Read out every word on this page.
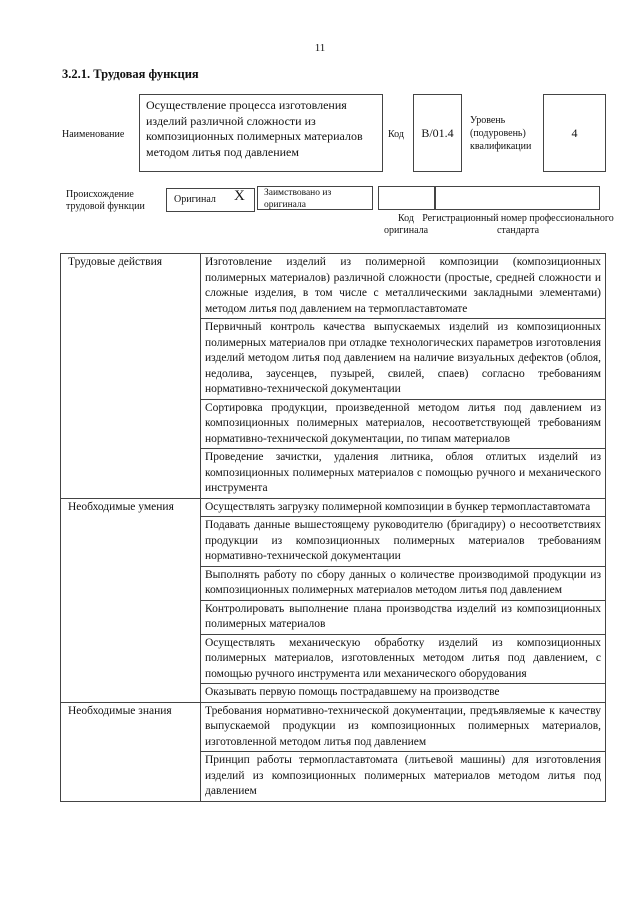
11
3.2.1. Трудовая функция
Наименование
Осуществление процесса изготовления изделий различной сложности из композиционных полимерных материалов методом литья под давлением
Код B/01.4
Уровень (подуровень) квалификации
4
Происхождение трудовой функции
Оригинал X Заимствовано из оригинала
Код оригинала
Регистрационный номер профессионального стандарта
Трудовые действия	Изготовление изделий из полимерной композиции (композиционных полимерных материалов) различной сложности (простые, средней сложности и сложные изделия, в том числе с металлическими закладными элементами) методом литья под давлением на термопластавтомате
	Первичный контроль качества выпускаемых изделий из композиционных полимерных материалов при отладке технологических параметров изготовления изделий методом литья под давлением на наличие визуальных дефектов (облоя, недолива, заусенцев, пузырей, свилей, спаев) согласно требованиям нормативно-технической документации
	Сортировка продукции, произведенной методом литья под давлением из композиционных полимерных материалов, несоответствующей требованиям нормативно-технической документации, по типам материалов
	Проведение зачистки, удаления литника, облоя отлитых изделий из композиционных полимерных материалов с помощью ручного и механического инструмента
Необходимые умения	Осуществлять загрузку полимерной композиции в бункер термопластавтомата
	Подавать данные вышестоящему руководителю (бригадиру) о несоответствиях продукции из композиционных полимерных материалов требованиям нормативно-технической документации
	Выполнять работу по сбору данных о количестве производимой продукции из композиционных полимерных материалов методом литья под давлением
	Контролировать выполнение плана производства изделий из композиционных полимерных материалов
	Осуществлять механическую обработку изделий из композиционных полимерных материалов, изготовленных методом литья под давлением, с помощью ручного инструмента или механического оборудования
	Оказывать первую помощь пострадавшему на производстве
Необходимые знания	Требования нормативно-технической документации, предъявляемые к качеству выпускаемой продукции из композиционных полимерных материалов, изготовленной методом литья под давлением
	Принцип работы термопластавтомата (литьевой машины) для изготовления изделий из композиционных полимерных материалов методом литья под давлением
